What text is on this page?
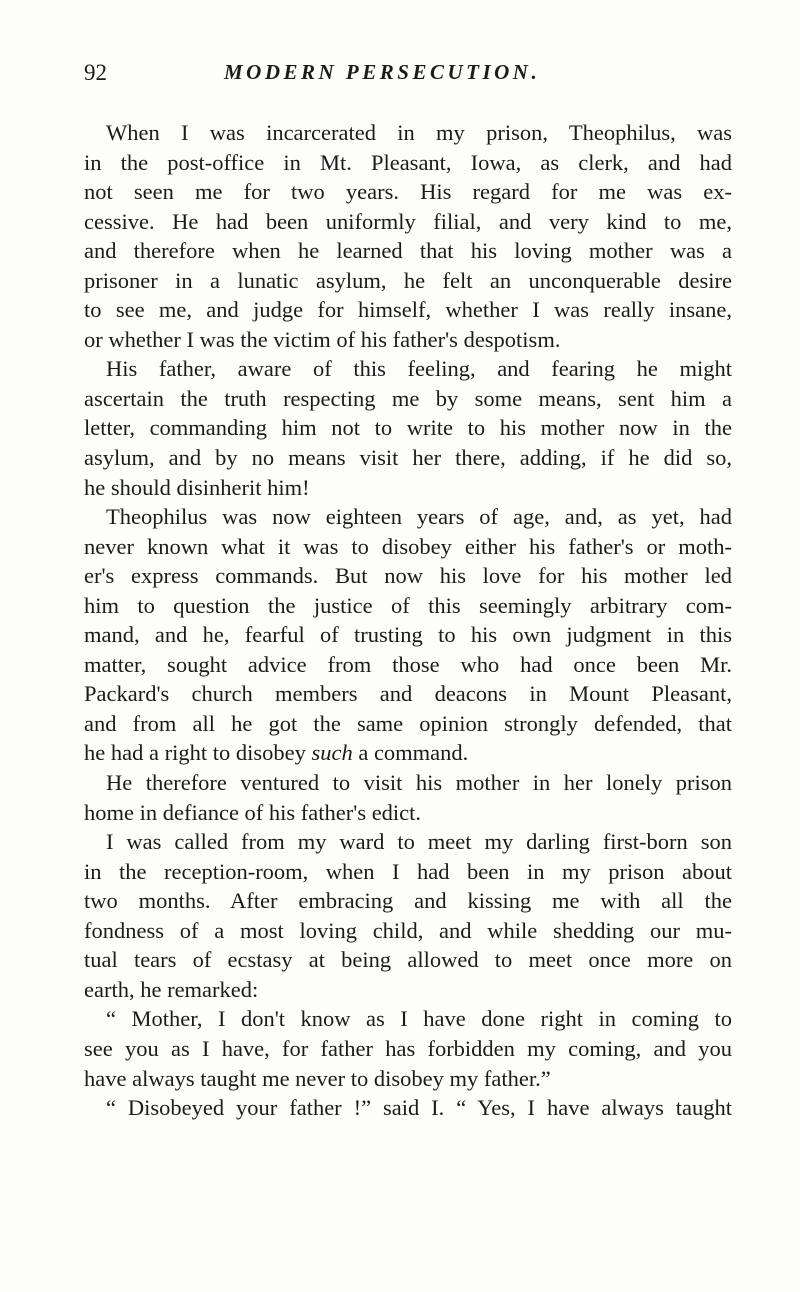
92	MODERN PERSECUTION.
When I was incarcerated in my prison, Theophilus, was
in the post-office in Mt. Pleasant, Iowa, as clerk, and had
not seen me for two years. His regard for me was ex-
cessive. He had been uniformly filial, and very kind to me,
and therefore when he learned that his loving mother was a
prisoner in a lunatic asylum, he felt an unconquerable desire
to see me, and judge for himself, whether I was really insane,
or whether I was the victim of his father's despotism.
His father, aware of this feeling, and fearing he might
ascertain the truth respecting me by some means, sent him a
letter, commanding him not to write to his mother now in the
asylum, and by no means visit her there, adding, if he did so,
he should disinherit him!
Theophilus was now eighteen years of age, and, as yet, had
never known what it was to disobey either his father's or moth-
er's express commands. But now his love for his mother led
him to question the justice of this seemingly arbitrary com-
mand, and he, fearful of trusting to his own judgment in this
matter, sought advice from those who had once been Mr.
Packard's church members and deacons in Mount Pleasant,
and from all he got the same opinion strongly defended, that
he had a right to disobey such a command.
He therefore ventured to visit his mother in her lonely prison
home in defiance of his father's edict.
I was called from my ward to meet my darling first-born son
in the reception-room, when I had been in my prison about
two months. After embracing and kissing me with all the
fondness of a most loving child, and while shedding our mu-
tual tears of ecstasy at being allowed to meet once more on
earth, he remarked:
“ Mother, I don't know as I have done right in coming to
see you as I have, for father has forbidden my coming, and you
have always taught me never to disobey my father.”
“ Disobeyed your father !” said I. “ Yes, I have always taught
